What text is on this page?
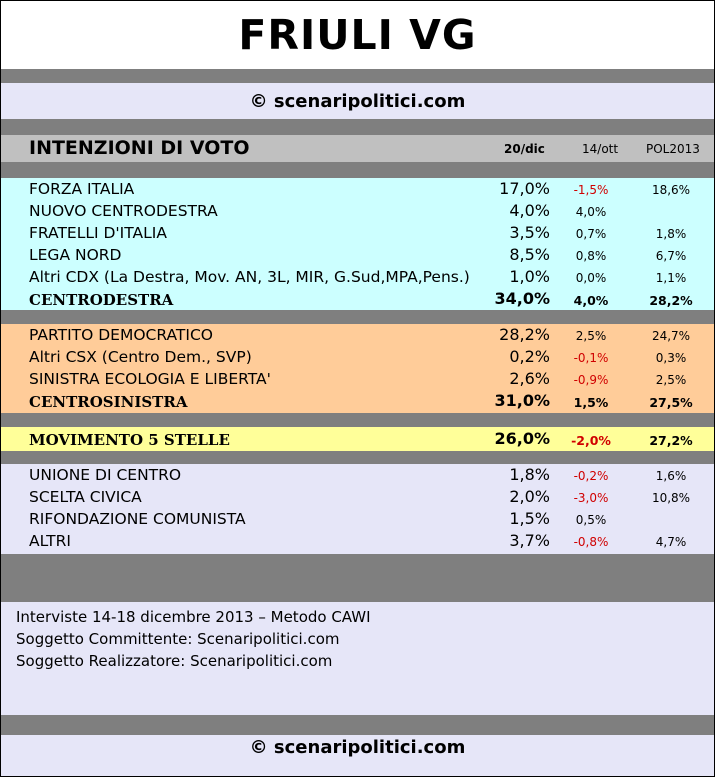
FRIULI VG
© scenaripolitici.com
INTENZIONI DI VOTO	20/dic	14/ott POL2013
FORZA ITALIA	17,0%	-1,5%	18,6%
NUOVO CENTRODESTRA	4,0%	4,0%
FRATELLI D'ITALIA	3,5%	0,7%	1,8%
LEGA NORD	8,5%	0,8%	6,7%
Altri CDX (La Destra, Mov. AN, 3L, MIR, G.Sud,MPA,Pens.)	1,0%	0,0%	1,1%
CENTRODESTRA	34,0%	4,0%	28,2%
PARTITO DEMOCRATICO	28,2%	2,5%	24,7%
Altri CSX (Centro Dem., SVP)	0,2%	-0,1%	0,3%
SINISTRA ECOLOGIA E LIBERTA'	2,6%	-0,9%	2,5%
CENTROSINISTRA	31,0%	1,5%	27,5%
MOVIMENTO 5 STELLE	26,0%	-2,0%	27,2%
UNIONE DI CENTRO	1,8%	-0,2%	1,6%
SCELTA CIVICA	2,0%	-3,0%	10,8%
RIFONDAZIONE COMUNISTA	1,5%	0,5%
ALTRI	3,7%	-0,8%	4,7%
Interviste 14-18 dicembre 2013 – Metodo CAWI
Soggetto Committente: Scenaripolitici.com
Soggetto Realizzatore: Scenaripolitici.com
© scenaripolitici.com
